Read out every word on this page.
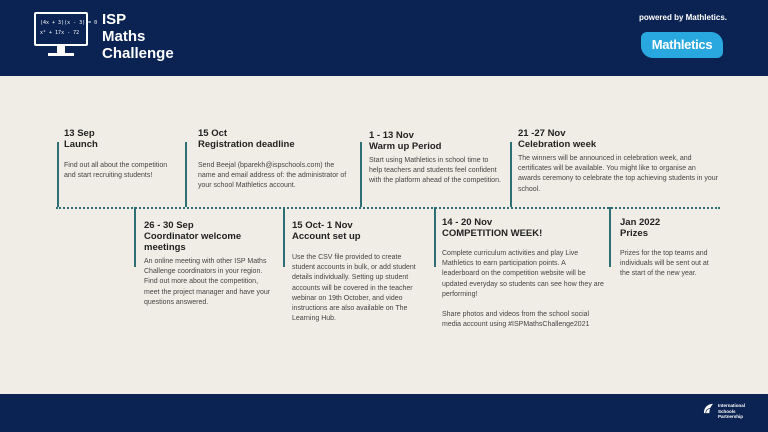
(4x + 3)(x - 3) = 0
x² + 17x - 72
ISP
Maths
Challenge
powered by Mathletics.
Mathletics
13 Sep
Launch

Find out all about the competition and start recruiting students!

15 Oct
Registration deadline

Send Beejal (bparekh@ispschools.com) the name and email address of: the administrator of your school Mathletics account.

1 - 13 Nov
Warm up Period

Start using Mathletics in school time to help teachers and students feel confident with the platform ahead of the competition.

21 -27 Nov
Celebration week

The winners will be announced in celebration week, and certificates will be available. You might like to organise an awards ceremony to celebrate the top achieving students in your school.

26 - 30 Sep
Coordinator welcome meetings

An online meeting with other ISP Maths Challenge coordinators in your region. Find out more about the competition, meet the project manager and have your questions answered.

15 Oct- 1 Nov
Account set up

Use the CSV file provided to create student accounts in bulk, or add student details individually. Setting up student accounts will be covered in the teacher webinar on 19th October, and video instructions are also available on The Learning Hub.

14 - 20 Nov
COMPETITION WEEK!

Complete curriculum activities and play Live Mathletics to earn participation points. A leaderboard on the competition website will be updated everyday so students can see how they are performing!

Share photos and videos from the school social media account using #ISPMathsChallenge2021

Jan 2022
Prizes

Prizes for the top teams and individuals will be sent out at the start of the new year.

International
Schools
Partnership
